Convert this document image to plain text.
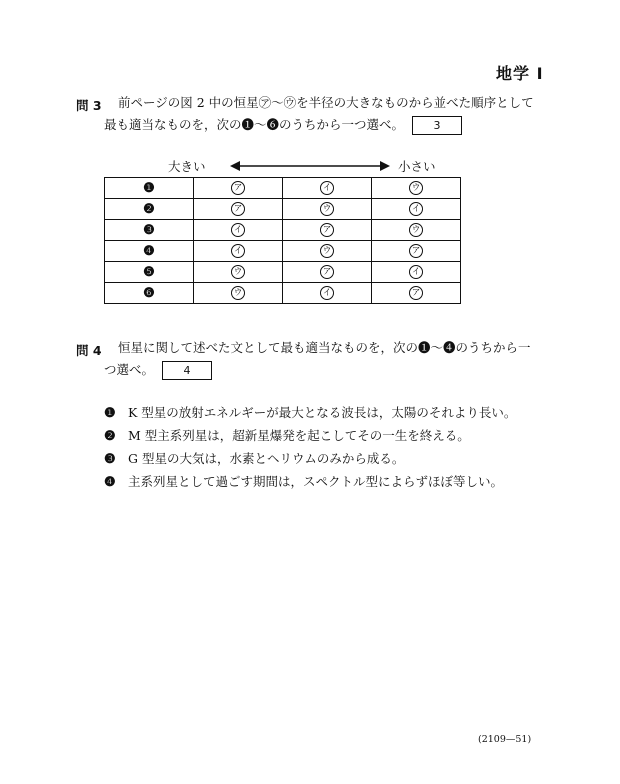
地学 I
問 3 前ページの図 2 中の恒星㋐〜㋒を半径の大きなものから並べた順序として
最も適当なものを，次の❶〜❻のうちから一つ選べ。	3
大きい	小さい
❶	ア	イ	ウ
❷	ア	ウ	イ
❸	イ	ア	ウ
❹	イ	ウ	ア
❺	ウ	ア	イ
❻	ウ	イ	ア
問 4 恒星に関して述べた文として最も適当なものを，次の❶〜❹のうちから一
つ選べ。	4
❶ K 型星の放射エネルギーが最大となる波長は，太陽のそれより長い。
❷ M 型主系列星は，超新星爆発を起こしてその一生を終える。
❸ G 型星の大気は，水素とヘリウムのみから成る。
❹ 主系列星として過ごす期間は，スペクトル型によらずほぼ等しい。
(2109—51)
